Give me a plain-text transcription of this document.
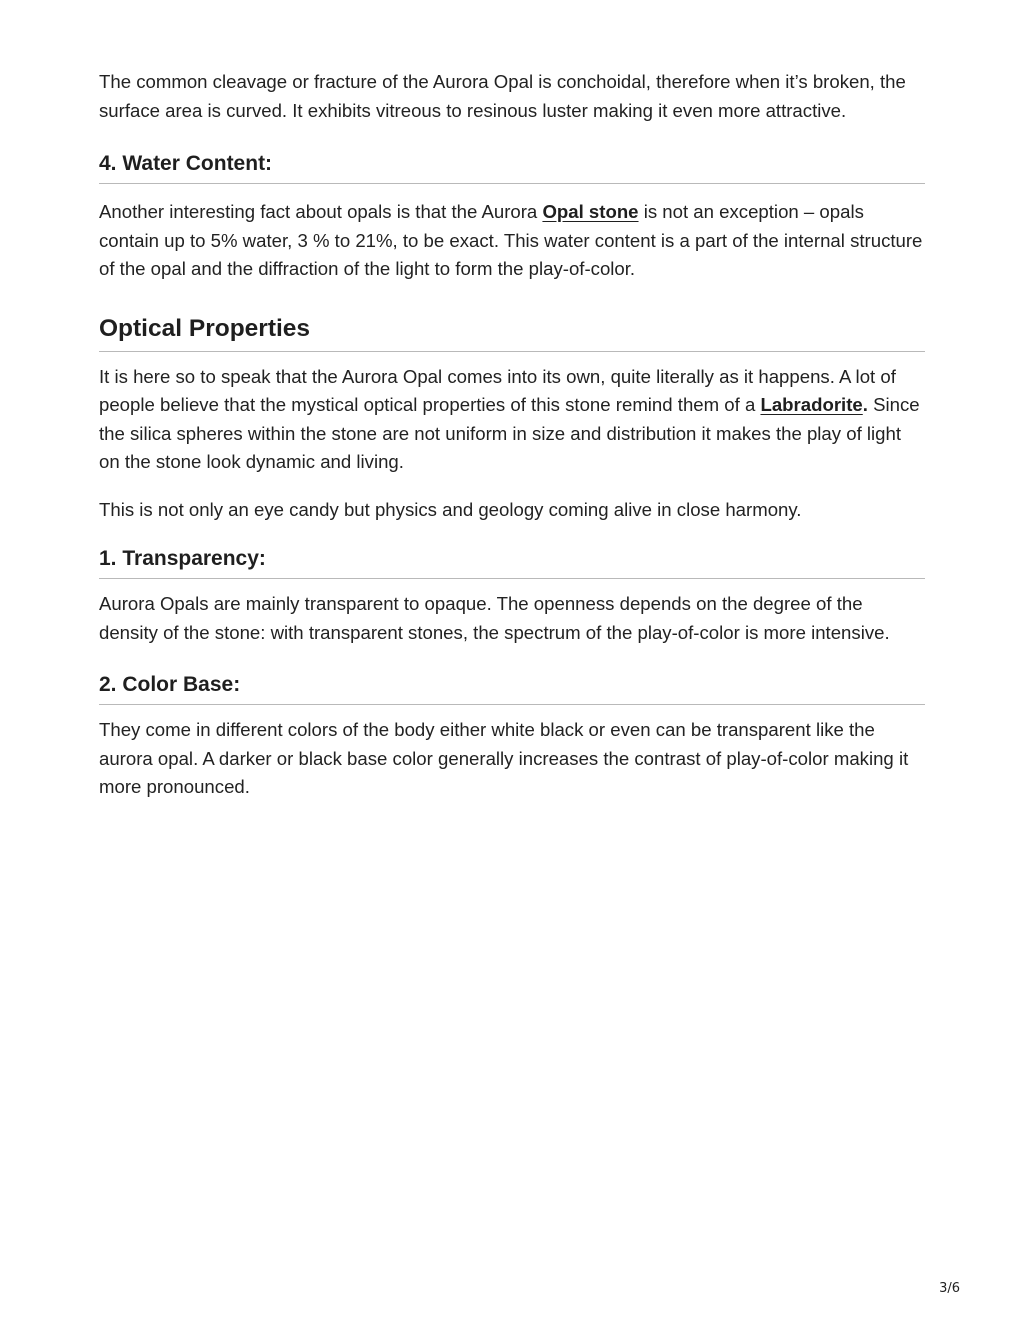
The common cleavage or fracture of the Aurora Opal is conchoidal, therefore when it’s broken, the surface area is curved. It exhibits vitreous to resinous luster making it even more attractive.

4. Water Content:

Another interesting fact about opals is that the Aurora Opal stone is not an exception – opals contain up to 5% water, 3 % to 21%, to be exact. This water content is a part of the internal structure of the opal and the diffraction of the light to form the play-of-color.

Optical Properties

It is here so to speak that the Aurora Opal comes into its own, quite literally as it happens. A lot of people believe that the mystical optical properties of this stone remind them of a Labradorite. Since the silica spheres within the stone are not uniform in size and distribution it makes the play of light on the stone look dynamic and living.

This is not only an eye candy but physics and geology coming alive in close harmony.

1. Transparency:

Aurora Opals are mainly transparent to opaque. The openness depends on the degree of the density of the stone: with transparent stones, the spectrum of the play-of-color is more intensive.

2. Color Base:

They come in different colors of the body either white black or even can be transparent like the aurora opal. A darker or black base color generally increases the contrast of play-of-color making it more pronounced.

3/6
